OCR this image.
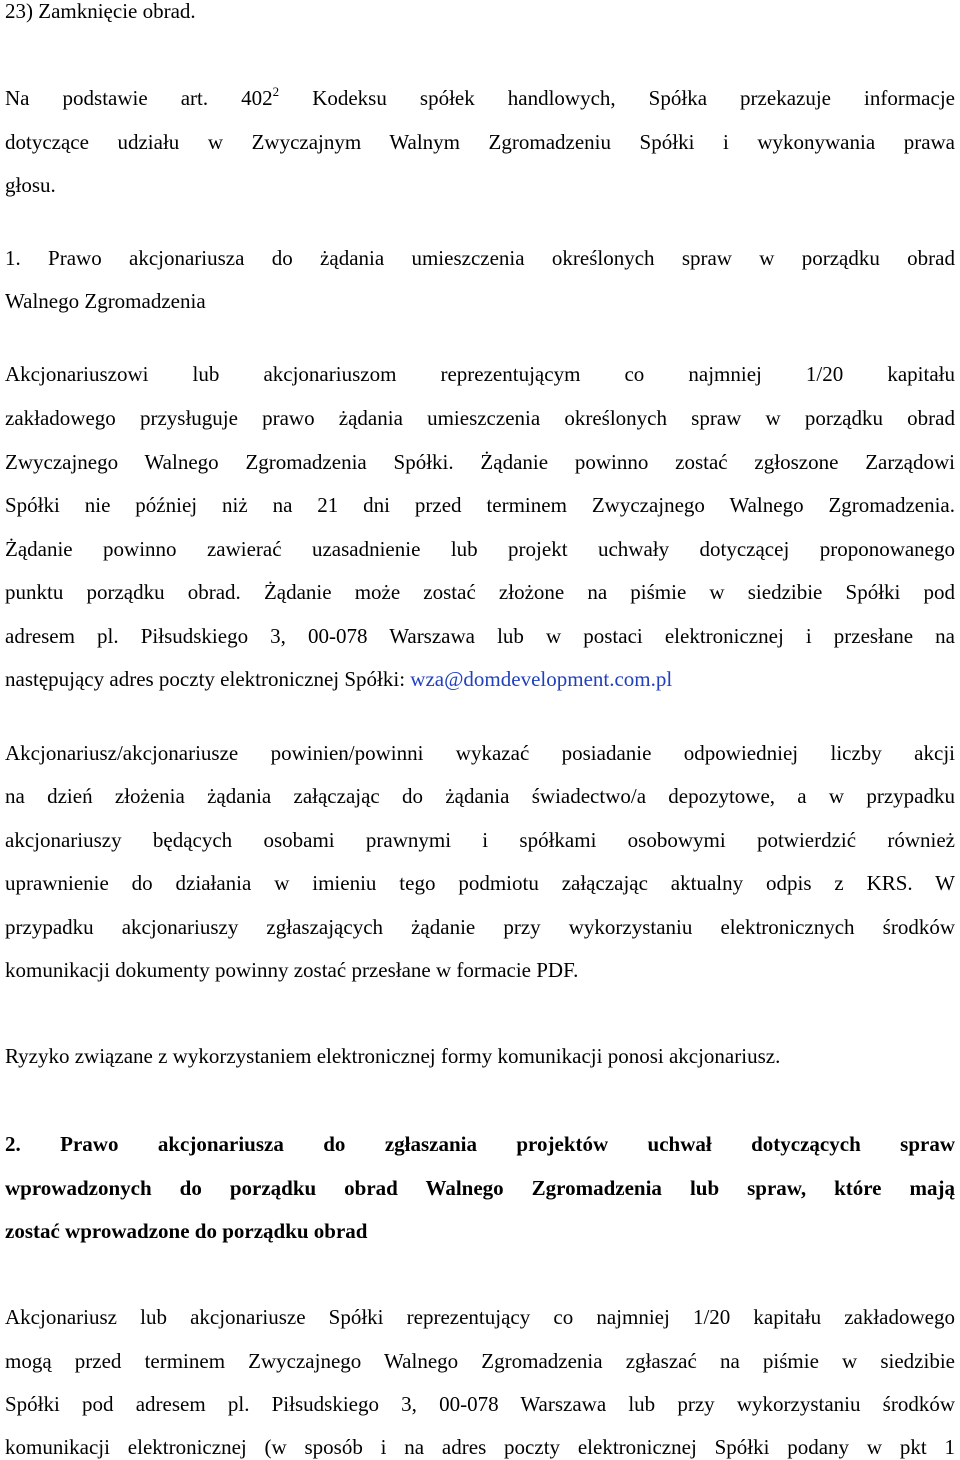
23) Zamknięcie obrad.
Na podstawie art. $402^2$ Kodeksu spółek handlowych, Spółka przekazuje informacje
dotyczące udziału w Zwyczajnym Walnym Zgromadzeniu Spółki i wykonywania prawa
głosu.
1. Prawo akcjonariusza do żądania umieszczenia określonych spraw w porządku obrad
Walnego Zgromadzenia
Akcjonariuszowi lub akcjonariuszom reprezentującym co najmniej 1/20 kapitału
zakładowego przysługuje prawo żądania umieszczenia określonych spraw w porządku obrad
Zwyczajnego Walnego Zgromadzenia Spółki. Żądanie powinno zostać zgłoszone Zarządowi
Spółki nie później niż na 21 dni przed terminem Zwyczajnego Walnego Zgromadzenia.
Żądanie powinno zawierać uzasadnienie lub projekt uchwały dotyczącej proponowanego
punktu porządku obrad. Żądanie może zostać złożone na piśmie w siedzibie Spółki pod
adresem pl. Piłsudskiego 3, 00-078 Warszawa lub w postaci elektronicznej i przesłane na
następujący adres poczty elektronicznej Spółki: wza@domdevelopment.com.pl
Akcjonariusz/akcjonariusze powinien/powinni wykazać posiadanie odpowiedniej liczby akcji
na dzień złożenia żądania załączając do żądania świadectwo/a depozytowe, a w przypadku
akcjonariuszy będących osobami prawnymi i spółkami osobowymi potwierdzić również
uprawnienie do działania w imieniu tego podmiotu załączając aktualny odpis z KRS. W
przypadku akcjonariuszy zgłaszających żądanie przy wykorzystaniu elektronicznych środków
komunikacji dokumenty powinny zostać przesłane w formacie PDF.
Ryzyko związane z wykorzystaniem elektronicznej formy komunikacji ponosi akcjonariusz.
2. Prawo akcjonariusza do zgłaszania projektów uchwał dotyczących spraw
wprowadzonych do porządku obrad Walnego Zgromadzenia lub spraw, które mają
zostać wprowadzone do porządku obrad
Akcjonariusz lub akcjonariusze Spółki reprezentujący co najmniej 1/20 kapitału zakładowego
mogą przed terminem Zwyczajnego Walnego Zgromadzenia zgłaszać na piśmie w siedzibie
Spółki pod adresem pl. Piłsudskiego 3, 00-078 Warszawa lub przy wykorzystaniu środków
komunikacji elektronicznej (w sposób i na adres poczty elektronicznej Spółki podany w pkt 1
